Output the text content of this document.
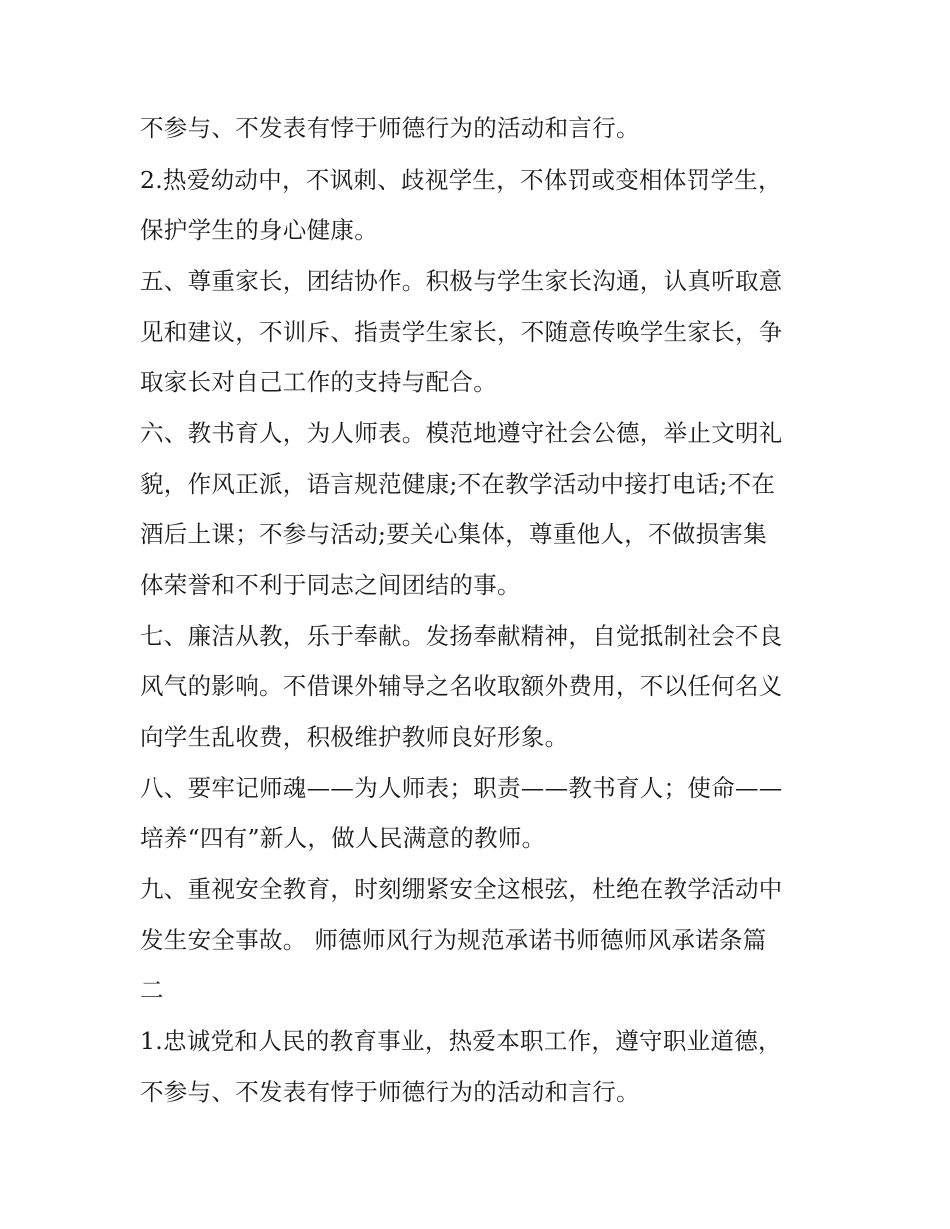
不参与、不发表有悖于师德行为的活动和言行。
2.热爱幼动中，不讽刺、歧视学生，不体罚或变相体罚学生，
保护学生的身心健康。
五、尊重家长，团结协作。积极与学生家长沟通，认真听取意
见和建议，不训斥、指责学生家长，不随意传唤学生家长，争
取家长对自己工作的支持与配合。
六、教书育人，为人师表。模范地遵守社会公德，举止文明礼
貌，作风正派，语言规范健康;不在教学活动中接打电话;不在
酒后上课；不参与活动;要关心集体，尊重他人，不做损害集
体荣誉和不利于同志之间团结的事。
七、廉洁从教，乐于奉献。发扬奉献精神，自觉抵制社会不良
风气的影响。不借课外辅导之名收取额外费用，不以任何名义
向学生乱收费，积极维护教师良好形象。
八、要牢记师魂——为人师表；职责——教书育人；使命——
培养“四有”新人，做人民满意的教师。
九、重视安全教育，时刻绷紧安全这根弦，杜绝在教学活动中
发生安全事故。 师德师风行为规范承诺书师德师风承诺条篇
二
1.忠诚党和人民的教育事业，热爱本职工作，遵守职业道德，
不参与、不发表有悖于师德行为的活动和言行。
